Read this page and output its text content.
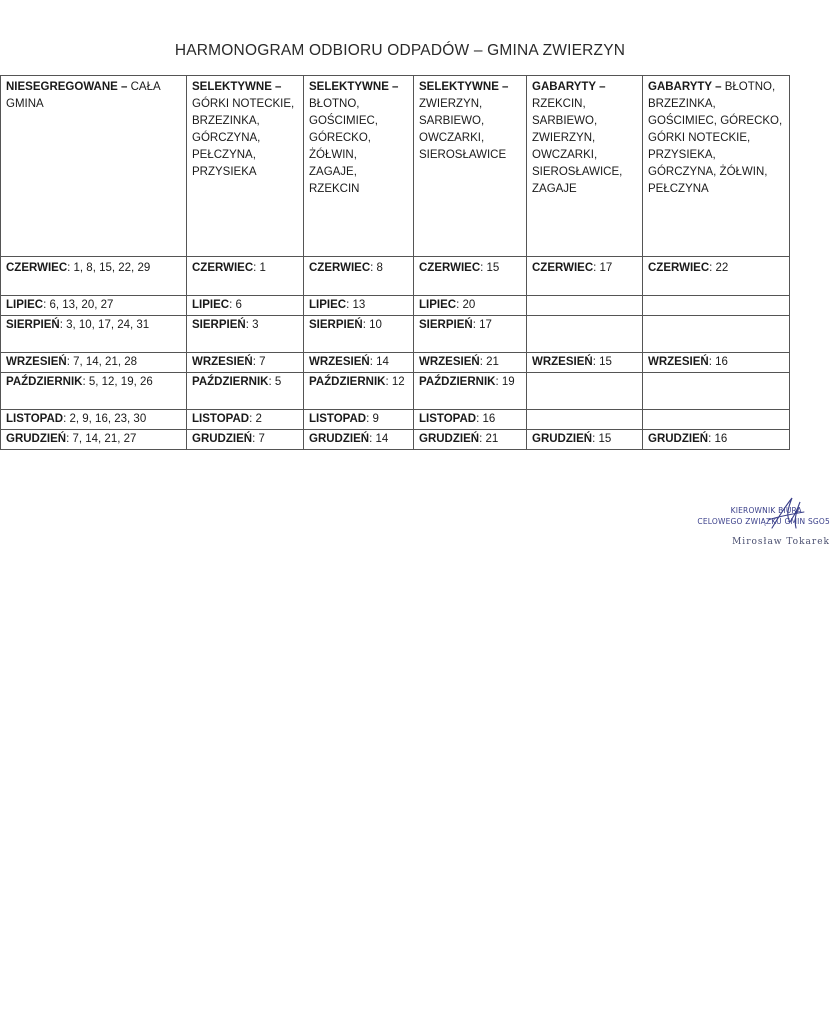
HARMONOGRAM ODBIORU ODPADÓW – GMINA ZWIERZYN
NIESEGREGOWANE – CAŁA GMINA	SELEKTYWNE – GÓRKI NOTECKIE, BRZEZINKA, GÓRCZYNA, PEŁCZYNA, PRZYSIEKA	SELEKTYWNE – BŁOTNO, GOŚCIMIEC, GÓRECKO, ŻÓŁWIN, ZAGAJE, RZEKCIN	SELEKTYWNE – ZWIERZYN, SARBIEWO, OWCZARKI, SIEROSŁAWICE	GABARYTY – RZEKCIN, SARBIEWO, ZWIERZYN, OWCZARKI, SIEROSŁAWICE, ZAGAJE	GABARYTY – BŁOTNO, BRZEZINKA, GOŚCIMIEC, GÓRECKO, GÓRKI NOTECKIE, PRZYSIEKA, GÓRCZYNA, ŻÓŁWIN, PEŁCZYNA
CZERWIEC: 1, 8, 15, 22, 29	CZERWIEC: 1	CZERWIEC: 8	CZERWIEC: 15	CZERWIEC: 17	CZERWIEC: 22
LIPIEC: 6, 13, 20, 27	LIPIEC: 6	LIPIEC: 13	LIPIEC: 20		
SIERPIEŃ: 3, 10, 17, 24, 31	SIERPIEŃ: 3	SIERPIEŃ: 10	SIERPIEŃ: 17		
WRZESIEŃ: 7, 14, 21, 28	WRZESIEŃ: 7	WRZESIEŃ: 14	WRZESIEŃ: 21	WRZESIEŃ: 15	WRZESIEŃ: 16
PAŹDZIERNIK: 5, 12, 19, 26	PAŹDZIERNIK: 5	PAŹDZIERNIK: 12	PAŹDZIERNIK: 19		
LISTOPAD: 2, 9, 16, 23, 30	LISTOPAD: 2	LISTOPAD: 9	LISTOPAD: 16		
GRUDZIEŃ: 7, 14, 21, 27	GRUDZIEŃ: 7	GRUDZIEŃ: 14	GRUDZIEŃ: 21	GRUDZIEŃ: 15	GRUDZIEŃ: 16
KIEROWNIK BIURA
CELOWEGO ZWIĄZKU GMIN SGO5
Mirosław Tokarek
